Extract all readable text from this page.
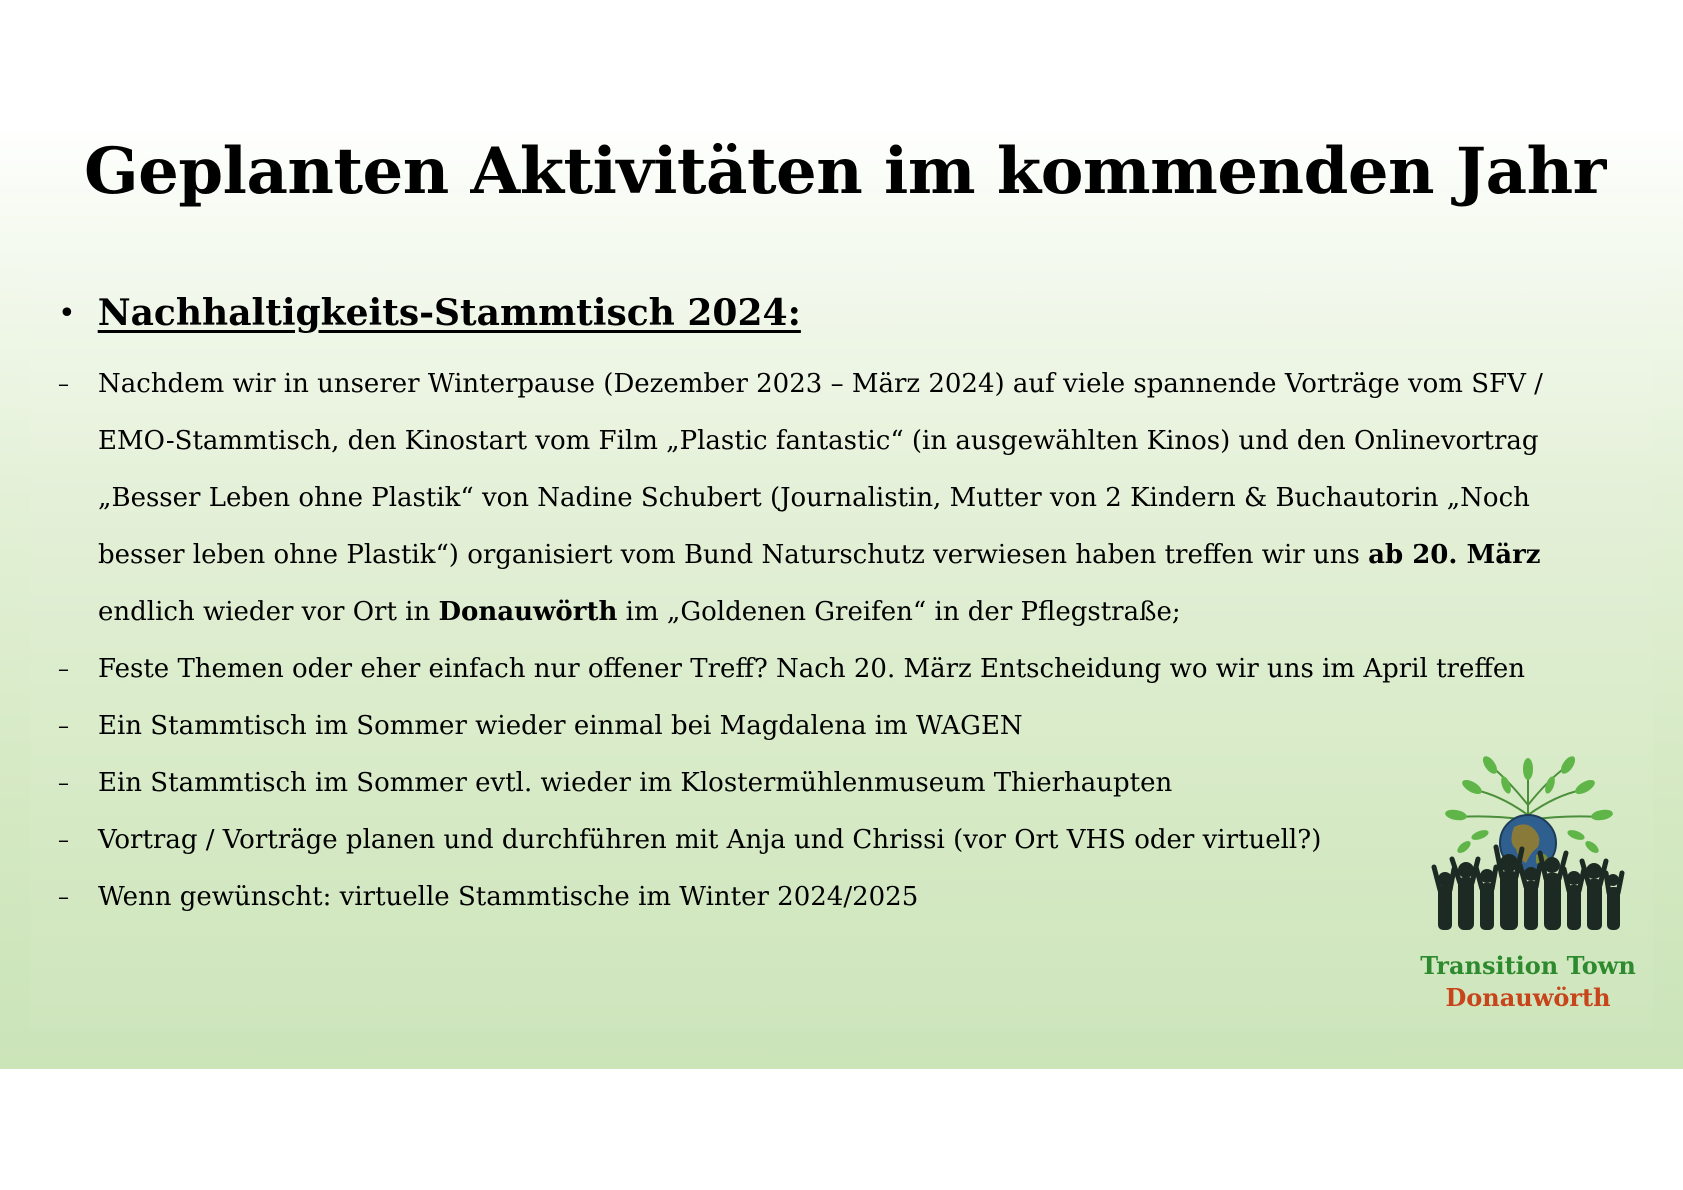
Geplanten Aktivitäten im kommenden Jahr
• Nachhaltigkeits-Stammtisch 2024:
–	Nachdem wir in unserer Winterpause (Dezember 2023 – März 2024) auf viele spannende Vorträge vom SFV / EMO-Stammtisch, den Kinostart vom Film „Plastic fantastic“ (in ausgewählten Kinos) und den Onlinevortrag „Besser Leben ohne Plastik“ von Nadine Schubert (Journalistin, Mutter von 2 Kindern & Buchautorin „Noch besser leben ohne Plastik“) organisiert vom Bund Naturschutz verwiesen haben treffen wir uns ab 20. März endlich wieder vor Ort in Donauwörth im „Goldenen Greifen“ in der Pflegstraße;
–	Feste Themen oder eher einfach nur offener Treff? Nach 20. März Entscheidung wo wir uns im April treffen
–	Ein Stammtisch im Sommer wieder einmal bei Magdalena im WAGEN
–	Ein Stammtisch im Sommer evtl. wieder im Klostermühlenmuseum Thierhaupten
–	Vortrag / Vorträge planen und durchführen mit Anja und Chrissi (vor Ort VHS oder virtuell?)
–	Wenn gewünscht: virtuelle Stammtische im Winter 2024/2025
Transition Town
Donauwörth
